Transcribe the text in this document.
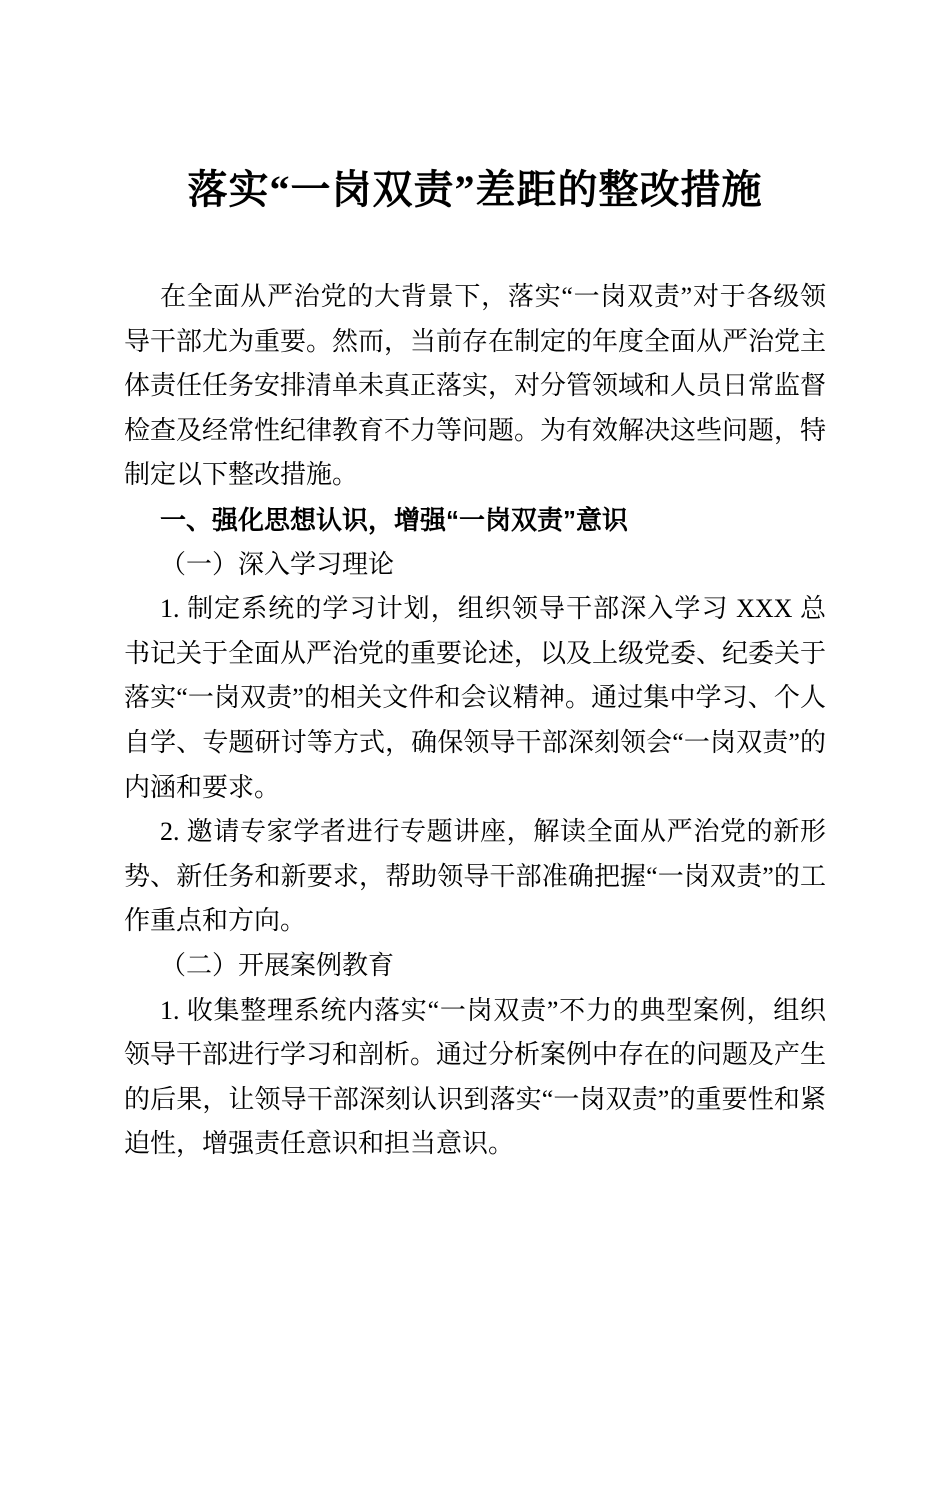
落实“一岗双责”差距的整改措施

在全面从严治党的大背景下，落实“一岗双责”对于各级领导干部尤为重要。然而，当前存在制定的年度全面从严治党主体责任任务安排清单未真正落实，对分管领域和人员日常监督检查及经常性纪律教育不力等问题。为有效解决这些问题，特制定以下整改措施。

一、强化思想认识，增强“一岗双责”意识

（一）深入学习理论

1. 制定系统的学习计划，组织领导干部深入学习 XXX 总书记关于全面从严治党的重要论述，以及上级党委、纪委关于落实“一岗双责”的相关文件和会议精神。通过集中学习、个人自学、专题研讨等方式，确保领导干部深刻领会“一岗双责”的内涵和要求。

2. 邀请专家学者进行专题讲座，解读全面从严治党的新形势、新任务和新要求，帮助领导干部准确把握“一岗双责”的工作重点和方向。

（二）开展案例教育

1. 收集整理系统内落实“一岗双责”不力的典型案例，组织领导干部进行学习和剖析。通过分析案例中存在的问题及产生的后果，让领导干部深刻认识到落实“一岗双责”的重要性和紧迫性，增强责任意识和担当意识。
